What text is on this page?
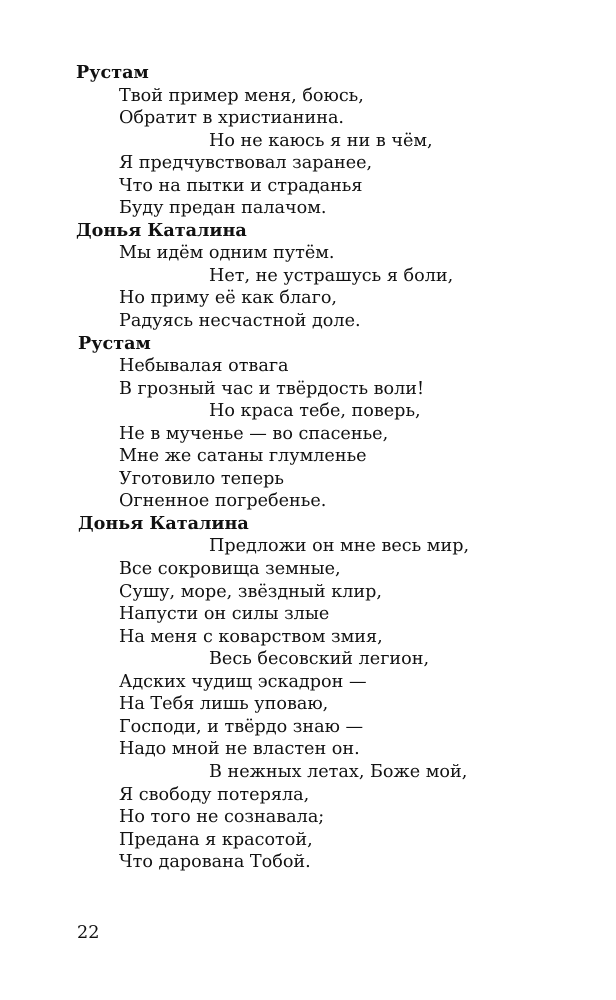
Рустам
Твой пример меня, боюсь,
Обратит в христианина.
Но не каюсь я ни в чём,
Я предчувствовал заранее,
Что на пытки и страданья
Буду предан палачом.
Донья Каталина
Мы идём одним путём.
Нет, не устрашусь я боли,
Но приму её как благо,
Радуясь несчастной доле.
Рустам
Небывалая отвага
В грозный час и твёрдость воли!
Но краса тебе, поверь,
Не в мученье — во спасенье,
Мне же сатаны глумленье
Уготовило теперь
Огненное погребенье.
Донья Каталина
Предложи он мне весь мир,
Все сокровища земные,
Сушу, море, звёздный клир,
Напусти он силы злые
На меня с коварством змия,
Весь бесовский легион,
Адских чудищ эскадрон —
На Тебя лишь уповаю,
Господи, и твёрдо знаю —
Надо мной не властен он.
В нежных летах, Боже мой,
Я свободу потеряла,
Но того не сознавала;
Предана я красотой,
Что дарована Тобой.
22
